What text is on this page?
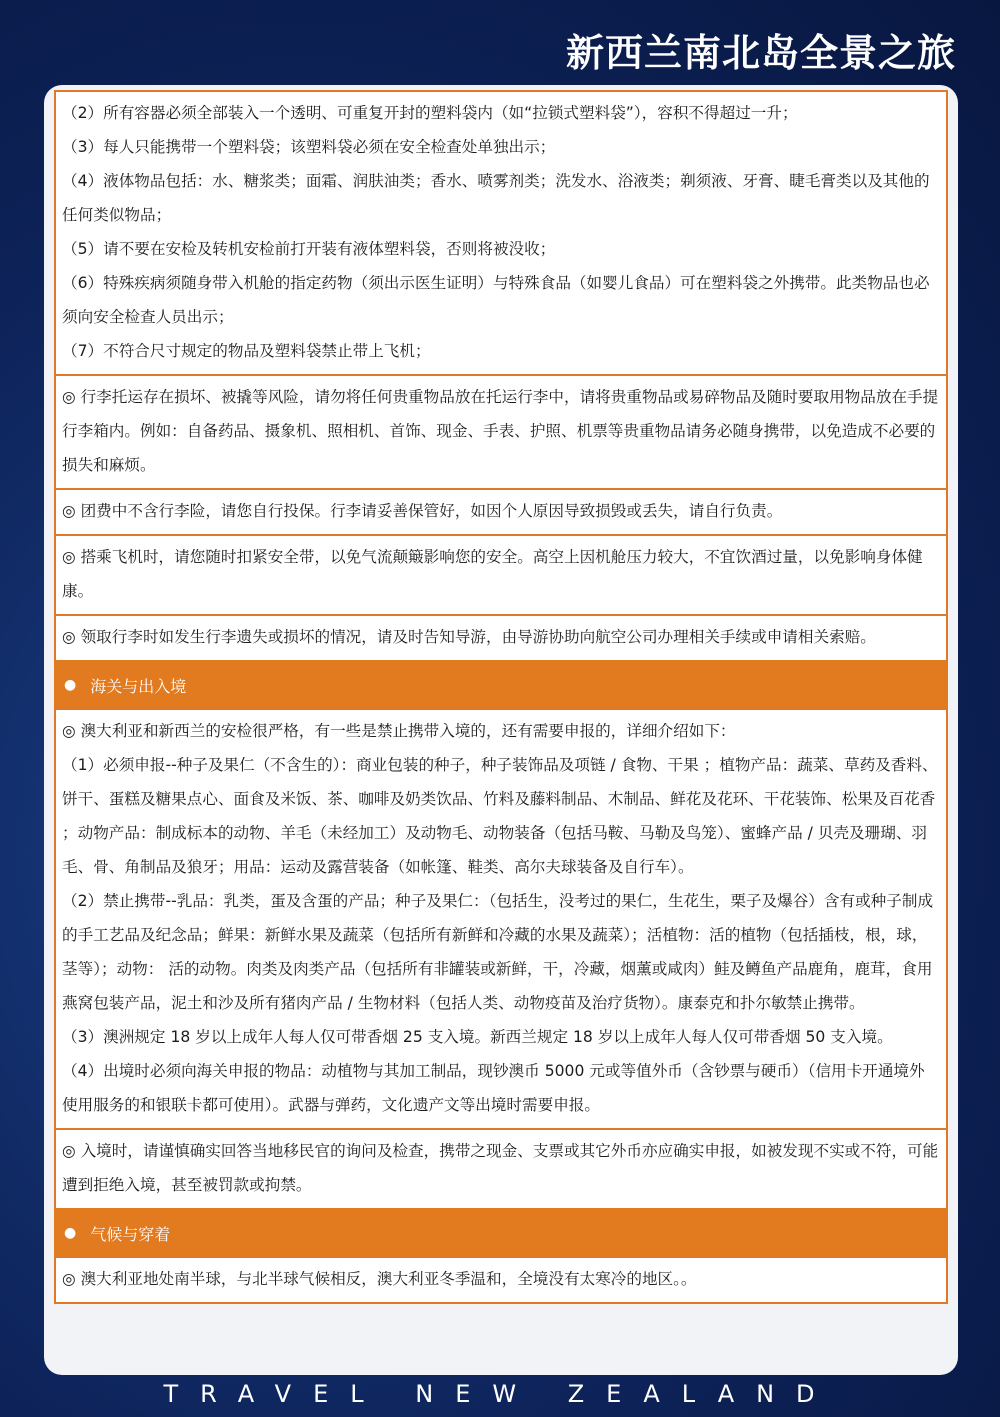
新西兰南北岛全景之旅

（2）所有容器必须全部装入一个透明、可重复开封的塑料袋内（如“拉锁式塑料袋”），容积不得超过一升；

（3）每人只能携带一个塑料袋；该塑料袋必须在安全检查处单独出示；

（4）液体物品包括：水、糖浆类；面霜、润肤油类；香水、喷雾剂类；洗发水、浴液类；剃须液、牙膏、睫毛膏类以及其他的任何类似物品；

（5）请不要在安检及转机安检前打开装有液体塑料袋，否则将被没收；

（6）特殊疾病须随身带入机舱的指定药物（须出示医生证明）与特殊食品（如婴儿食品）可在塑料袋之外携带。此类物品也必须向安全检查人员出示；

（7）不符合尺寸规定的物品及塑料袋禁止带上飞机；

◎ 行李托运存在损坏、被撬等风险，请勿将任何贵重物品放在托运行李中，请将贵重物品或易碎物品及随时要取用物品放在手提行李箱内。例如：自备药品、摄象机、照相机、首饰、现金、手表、护照、机票等贵重物品请务必随身携带，以免造成不必要的损失和麻烦。

◎ 团费中不含行李险，请您自行投保。行李请妥善保管好，如因个人原因导致损毁或丢失，请自行负责。

◎ 搭乘飞机时，请您随时扣紧安全带，以免气流颠簸影响您的安全。高空上因机舱压力较大，不宜饮酒过量，以免影响身体健康。

◎ 领取行李时如发生行李遗失或损坏的情况，请及时告知导游，由导游协助向航空公司办理相关手续或申请相关索赔。

● 海关与出入境

◎ 澳大利亚和新西兰的安检很严格，有一些是禁止携带入境的，还有需要申报的，详细介绍如下：

（1）必须申报--种子及果仁（不含生的）：商业包装的种子，种子装饰品及项链 / 食物、干果 ；植物产品：蔬菜、草药及香料、饼干、蛋糕及糖果点心、面食及米饭、茶、咖啡及奶类饮品、竹料及藤料制品、木制品、鲜花及花环、干花装饰、松果及百花香 ；动物产品：制成标本的动物、羊毛（未经加工）及动物毛、动物装备（包括马鞍、马勒及鸟笼）、蜜蜂产品 / 贝壳及珊瑚、羽毛、骨、角制品及狼牙；用品：运动及露营装备（如帐篷、鞋类、高尔夫球装备及自行车）。

（2）禁止携带--乳品：乳类，蛋及含蛋的产品；种子及果仁：（包括生，没考过的果仁，生花生，栗子及爆谷）含有或种子制成的手工艺品及纪念品；鲜果：新鲜水果及蔬菜（包括所有新鲜和冷藏的水果及蔬菜）；活植物：活的植物（包括插枝，根，球，茎等）；动物： 活的动物。肉类及肉类产品（包括所有非罐装或新鲜，干，冷藏，烟薰或咸肉）鲑及鳟鱼产品鹿角，鹿茸，食用燕窝包装产品，泥土和沙及所有猪肉产品 / 生物材料（包括人类、动物疫苗及治疗货物）。康泰克和扑尔敏禁止携带。

（3）澳洲规定 18 岁以上成年人每人仅可带香烟 25 支入境。新西兰规定 18 岁以上成年人每人仅可带香烟 50 支入境。

（4）出境时必须向海关申报的物品：动植物与其加工制品，现钞澳币 5000 元或等值外币（含钞票与硬币）（信用卡开通境外使用服务的和银联卡都可使用）。武器与弹药，文化遗产文等出境时需要申报。

◎ 入境时，请谨慎确实回答当地移民官的询问及检查，携带之现金、支票或其它外币亦应确实申报，如被发现不实或不符，可能遭到拒绝入境，甚至被罚款或拘禁。

● 气候与穿着

◎ 澳大利亚地处南半球，与北半球气候相反，澳大利亚冬季温和，全境没有太寒冷的地区。。

TRAVEL NEW ZEALAND
